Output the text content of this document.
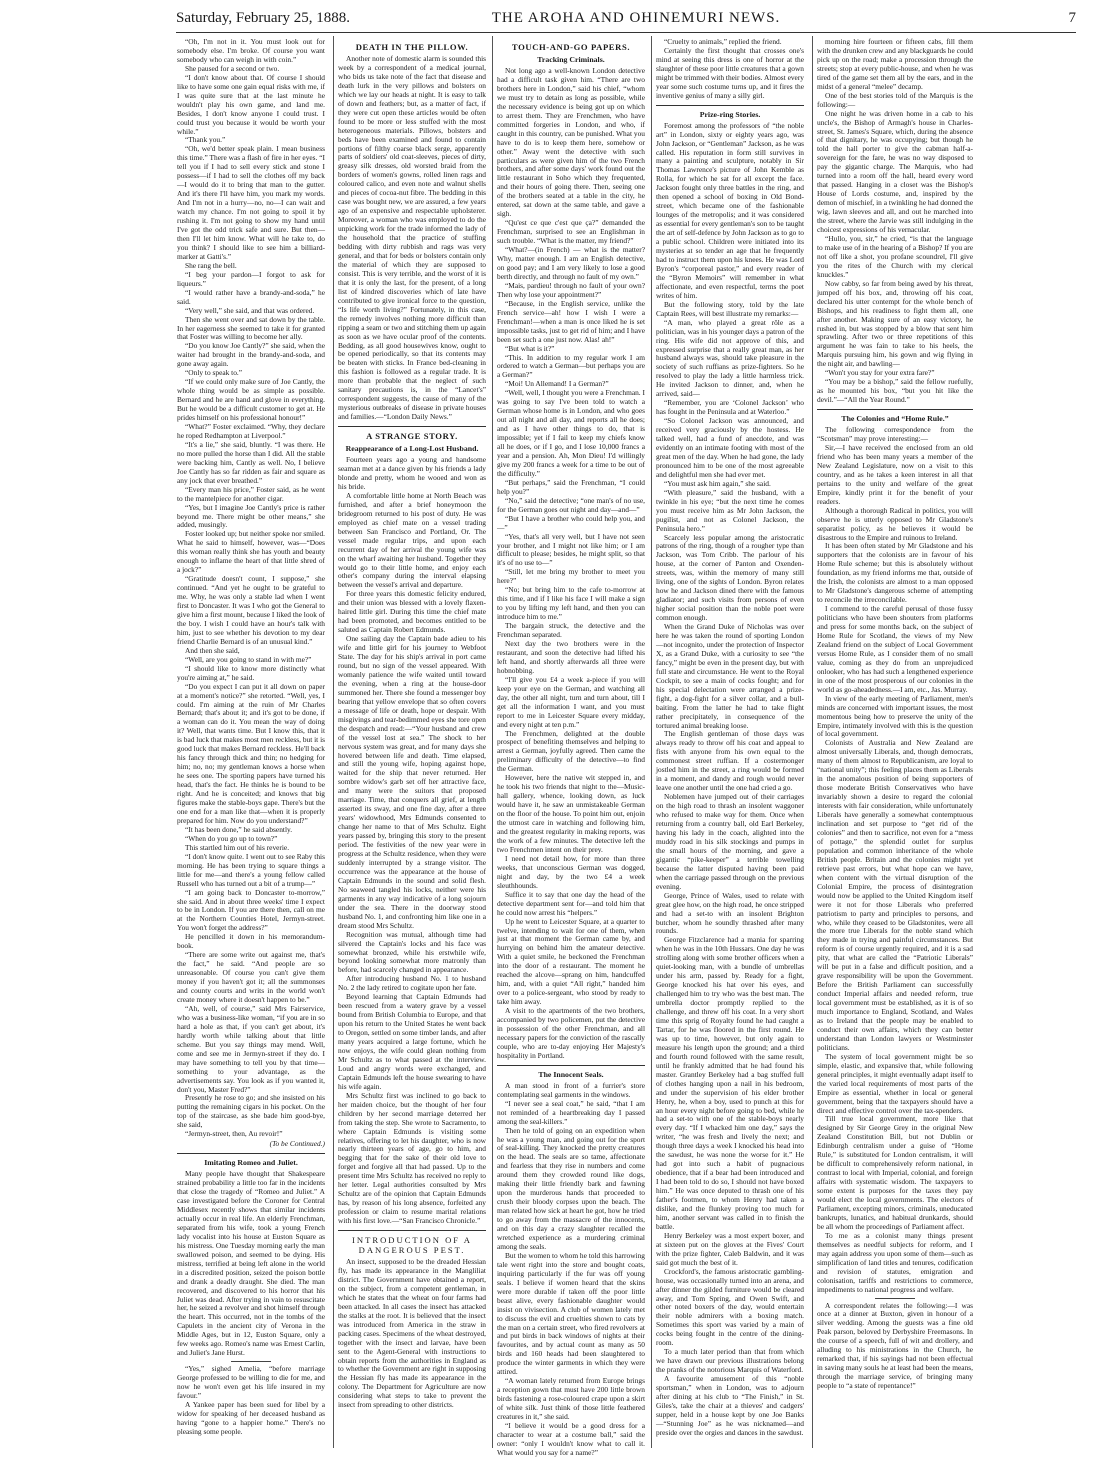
Saturday, February 25, 1888.	THE AROHA AND OHINEMURI NEWS.	7

“Oh, I'm not in it. You must look out for somebody else. I'm broke. Of course you want somebody who can weigh in with coin.”

She paused for a second or two.

“I don't know about that. Of course I should like to have some one gain equal risks with me, if I was quite sure that at the last minute he wouldn't play his own game, and land me. Besides, I don't know anyone I could trust. I could trust you because it would be worth your while.”

“Thank you.”

“Oh, we'd better speak plain. I mean business this time.” There was a flash of fire in her eyes. “I tell you if I had to sell every stick and stone I possess—if I had to sell the clothes off my back—I would do it to bring that man to the gutter. And it's there I'll have him, you mark my words. And I'm not in a hurry—no, no—I can wait and watch my chance. I'm not going to spoil it by rushing it. I'm not going to show my hand until I've got the odd trick safe and sure. But then—then I'll let him know. What will he take to, do you think? I should like to see him a billiard-marker at Gatti's.”

She rang the bell.

“I beg your pardon—I forgot to ask for liqueurs.”

“I would rather have a brandy-and-soda,” he said.

“Very well,” she said, and that was ordered.

Then she went over and sat down by the table. In her eagerness she seemed to take it for granted that Foster was willing to become her ally.

“Do you know Joe Cantly?” she said, when the waiter had brought in the brandy-and-soda, and gone away again.

“Only to speak to.”

“If we could only make sure of Joe Cantly, the whole thing would be as simple as possible. Bernard and he are hand and glove in everything. But he would be a difficult customer to get at. He prides himself on his professional honour!”

“What?” Foster exclaimed. “Why, they declare he roped Redhampton at Liverpool.”

“It's a lie,” she said, bluntly. “I was there. He no more pulled the horse than I did. All the stable were backing him, Cantly as well. No, I believe Joe Cantly has so far ridden as fair and square as any jock that ever breathed.”

“Every man his price,” Foster said, as he went to the mantelpiece for another cigar.

“Yes, but I imagine Joe Cantly's price is rather beyond me. There might be other means,” she added, musingly.

Foster looked up; but neither spoke nor smiled. What he said to himself, however, was—“Does this woman really think she has youth and beauty enough to inflame the heart of that little shred of a jock?”

“Gratitude doesn't count, I suppose,” she continued. “And yet he ought to be grateful to me. Why, he was only a stable lad when I went first to Doncaster. It was I who got the General to give him a first mount, because I liked the look of the boy. I wish I could have an hour's talk with him, just to see whether his devotion to my dear friend Charlie Bernard is of an unusual kind.”

And then she said,

“Well, are you going to stand in with me?”

“I should like to know more distinctly what you're aiming at,” he said.

“Do you expect I can put it all down on paper at a moment's notice?” she retorted. “Well, yes, I could. I'm aiming at the ruin of Mr Charles Bernard; that's about it; and it's got to be done, if a woman can do it. You mean the way of doing it? Well, that wants time. But I know this, that it is bad luck that makes most men reckless, but it is good luck that makes Bernard reckless. He'll back his fancy through thick and thin; no hedging for him; no, no; my gentleman knows a horse when he sees one. The sporting papers have turned his head, that's the fact. He thinks he is bound to be right. And he is conceited; and knows that big figures make the stable-boys gape. There's but the one end for a man like that—when it is properly prepared for him. Now do you understand?”

“It has been done,” he said absently.

“When do you go up to town?”

This startled him out of his reverie.

“I don't know quite. I went out to see Raby this morning. He has been trying to square things a little for me—and there's a young fellow called Russell who has turned out a bit of a trump—”

“I am going back to Doncaster to-morrow,” she said. And in about three weeks' time I expect to be in London. If you are there then, call on me at the Northern Counties Hotel, Jermyn-street. You won't forget the address?”

He pencilled it down in his memorandum-book.

“There are some write out against me, that's the fact,” he said. “And people are so unreasonable. Of course you can't give them money if you haven't got it; all the summonses and county courts and writs in the world won't create money where it doesn't happen to be.”

“Ah, well, of course,” said Mrs Fairservice, who was a business-like woman, “if you are in so hard a hole as that, if you can't get about, it's hardly worth while talking about that little scheme. But you say things may mend. Well, come and see me in Jermyn-street if they do. I may have something to tell you by that time—something to your advantage, as the advertisements say. You look as if you wanted it, don't you, Master Fred?”

Presently he rose to go; and she insisted on his putting the remaining cigars in his pocket. On the top of the staircase, as she bade him good-bye, she said,

“Jermyn-street, then, Au revoir!”

(To be Continued.)

Imitating Romeo and Juliet.

Many people have thought that Shakespeare strained probability a little too far in the incidents that close the tragedy of “Romeo and Juliet.” A case investigated before the Coroner for Central Middlesex recently shows that similar incidents actually occur in real life. An elderly Frenchman, separated from his wife, took a young French lady vocalist into his house at Euston Square as his mistress. One Tuesday morning early the man swallowed poison, and seemed to be dying. His mistress, terrified at being left alone in the world in a discredited position, seized the poison bottle and drank a deadly draught. She died. The man recovered, and discovered to his horror that his Juliet was dead. After trying in vain to resuscitate her, he seized a revolver and shot himself through the heart. This occurred, not in the tombs of the Capulets in the ancient city of Verona in the Middle Ages, but in 12, Euston Square, only a few weeks ago. Romeo's name was Ernest Carlin, and Juliet's Jane Hurst.

“Yes,” sighed Amelia, “before marriage George professed to be willing to die for me, and now he won't even get his life insured in my favour.”

A Yankee paper has been sued for libel by a widow for speaking of her deceased husband as having “gone to a happier home.” There's no pleasing some people.

DEATH IN THE PILLOW.

Another note of domestic alarm is sounded this week by a correspondent of a medical journal, who bids us take note of the fact that disease and death lurk in the very pillows and bolsters on which we lay our heads at night. It is easy to talk of down and feathers; but, as a matter of fact, if they were cut open these articles would be often found to be more or less stuffed with the most heterogeneous materials. Pillows, bolsters and beds have been examined and found to contain portions of filthy coarse black serge, apparently parts of soldiers' old coat-sleeves, pieces of dirty, greasy silk dresses, old worsted braid from the borders of women's gowns, rolled linen rags and coloured calico, and even note and walnut shells and pieces of cocoa-nut fibre. The bedding in this case was bought new, we are assured, a few years ago of an expensive and respectable upholsterer. Moreover, a woman who was employed to do the unpicking work for the trade informed the lady of the household that the practice of stuffing bedding with dirty rubbish and rags was very general, and that for beds or bolsters contain only the material of which they are supposed to consist. This is very terrible, and the worst of it is that it is only the last, for the present, of a long list of kindred discoveries which of late have contributed to give ironical force to the question, “Is life worth living?” Fortunately, in this case, the remedy involves nothing more difficult than ripping a seam or two and stitching them up again as soon as we have ocular proof of the contents. Bedding, as all good housewives know, ought to be opened periodically, so that its contents may be beaten with sticks. In France bed-cleaning in this fashion is followed as a regular trade. It is more than probable that the neglect of such sanitary precautions is, in the “Lancet's” correspondent suggests, the cause of many of the mysterious outbreaks of disease in private houses and families.—“London Daily News.”

A STRANGE STORY.
Reappearance of a Long-Lost Husband.

Fourteen years ago a young and handsome seaman met at a dance given by his friends a lady blonde and pretty, whom he wooed and won as his bride.

A comfortable little home at North Beach was furnished, and after a brief honeymoon the bridegroom returned to his post of duty. He was employed as chief mate on a vessel trading between San Francisco and Portland, Or. The vessel made regular trips, and upon each recurrent day of her arrival the young wife was on the wharf awaiting her husband. Together they would go to their little home, and enjoy each other's company during the interval elapsing between the vessel's arrival and departure.

For three years this domestic felicity endured, and their union was blessed with a lovely flaxen-haired little girl. During this time the chief mate had been promoted, and becomes entitled to be saluted as Captain Robert Edmunds.

One sailing day the Captain bade adieu to his wife and little girl for his journey to Webfoot State. The day for his ship's arrival in port came round, but no sign of the vessel appeared. With womanly patience the wife waited until toward the evening, when a ring at the house-door summoned her. There she found a messenger boy bearing that yellow envelope that so often covers a message of life or death, hope or despair. With misgivings and tear-bedimmed eyes she tore open the despatch and read:—“Your husband and crew of the vessel lost at sea.” The shock to her nervous system was great, and for many days she hovered between life and death. Time elapsed, and still the young wife, hoping against hope, waited for the ship that never returned. Her sombre widow's garb set off her attractive face, and many were the suitors that proposed marriage. Time, that conquers all grief, at length asserted its sway, and one fine day, after a three years' widowhood, Mrs Edmunds consented to change her name to that of Mrs Schultz. Eight years passed by, bringing this story to the present period. The festivities of the new year were in progress at the Schultz residence, when they were suddenly interrupted by a strange visitor. The occurrence was the appearance at the house of Captain Edmunds in the sound and solid flesh. No seaweed tangled his locks, neither were his garments in any way indicative of a long sojourn under the sea. There in the doorway stood husband No. 1, and confronting him like one in a dream stood Mrs Schultz.

Recognition was mutual, although time had silvered the Captain's locks and his face was somewhat bronzed, while his erstwhile wife, beyond looking somewhat more matronly than before, had scarcely changed in appearance.

After introducing husband No. 1 to husband No. 2 the lady retired to cogitate upon her fate.

Beyond learning that Captain Edmunds had been rescued from a watery grave by a vessel bound from British Columbia to Europe, and that upon his return to the United States he went back to Oregon, settled on some timber lands, and after many years acquired a large fortune, which he now enjoys, the wife could glean nothing from Mr Schultz as to what passed at the interview. Loud and angry words were exchanged, and Captain Edmunds left the house swearing to have his wife again.

Mrs Schultz first was inclined to go back to her maiden choice, but the thought of her four children by her second marriage deterred her from taking the step. She wrote to Sacramento, to where Captain Edmunds is visiting some relatives, offering to let his daughter, who is now nearly thirteen years of age, go to him, and begging that for the sake of their old love to forget and forgive all that had passed. Up to the present time Mrs Schultz has received no reply to her letter. Legal authorities consulted by Mrs Schultz are of the opinion that Captain Edmunds has, by reason of his long absence, forfeited any profession or claim to resume marital relations with his first love.—“San Francisco Chronicle.”

INTRODUCTION OF A DANGEROUS PEST.

An insect, supposed to be the dreaded Hessian fly, has made its appearance in the Mangliliat district. The Government have obtained a report, on the subject, from a competent gentleman, in which he states that the wheat on four farms had been attacked. In all cases the insect has attacked the stalks at the root. It is believed that the insect was introduced from America in the straw in packing cases. Specimens of the wheat destroyed, together with the insect and larvae, have been sent to the Agent-General with instructions to obtain reports from the authorities in England as to whether the Government are right in supposing the Hessian fly has made its appearance in the colony. The Department for Agriculture are now considering what steps to take to prevent the insect from spreading to other districts.

TOUCH-AND-GO PAPERS.
Tracking Criminals.

Not long ago a well-known London detective had a difficult task given him. “There are two brothers here in London,” said his chief, “whom we must try to detain as long as possible, while the necessary evidence is being got up on which to arrest them. They are Frenchmen, who have committed forgeries in London, and who, if caught in this country, can be punished. What you have to do is to keep them here, somehow or other.” Away went the detective with such particulars as were given him of the two French brothers, and after some days' work found out the little restaurant in Soho which they frequented, and their hours of going there. Then, seeing one of the brothers seated at a table in the city, he entered, sat down at the same table, and gave a sigh.

“Qu'est ce que c'est que ça?” demanded the Frenchman, surprised to see an Englishman in such trouble. “What is the matter, my friend?”

“What?—(in French) — what is the matter? Why, matter enough. I am an English detective, on good pay; and I am very likely to lose a good berth directly, and through no fault of my own.”

“Mais, pardieu! through no fault of your own? Then why lose your appointment?”

“Because, in the English service, unlike the French service—ah! how I wish I were a Frenchman!—when a man is once liked he is set impossible tasks, just to get rid of him; and I have been set such a one just now. Alas! ah!”

“But what is it?”

“This. In addition to my regular work I am ordered to watch a German—but perhaps you are a German?”

“Moi! Un Allemand! I a German?”

“Well, well, I thought you were a Frenchman. I was going to say I've been told to watch a German whose home is in London, and who goes out all night and all day, and reports all he does; and as I have other things to do, that is impossible; yet if I fail to keep my chiefs know all he does, or if I go, and I lose 10,000 francs a year and a pension. Ah, Mon Dieu! I'd willingly give my 200 francs a week for a time to be out of the difficulty.”

“But perhaps,” said the Frenchman, “I could help you?”

“No,” said the detective; “one man's of no use, for the German goes out night and day—and—”

“But I have a brother who could help you, and—”

“Yes, that's all very well, but I have not seen your brother, and I might not like him; or I am difficult to please; besides, he might split, so that it's of no use to—”

“Still, let me bring my brother to meet you here?”

“No; but bring him to the cafe to-morrow at this time, and if I like his face I will make a sign to you by lifting my left hand, and then you can introduce him to me.”

The bargain struck, the detective and the Frenchman separated.

Next day the two brothers were in the restaurant, and soon the detective had lifted his left hand, and shortly afterwards all three were hobnobbing.

“I'll give you £4 a week a-piece if you will keep your eye on the German, and watching all day, the other all night, turn and turn about, till I get all the information I want, and you must report to me in Leicester Square every midday, and every night at ten p.m.”

The Frenchmen, delighted at the double prospect of benefiting themselves and helping to arrest a German, joyfully agreed. Then came the preliminary difficulty of the detective—to find the German.

However, here the native wit stepped in, and he took his two friends that night to the—Music-hall gallery, whence, looking down, as luck would have it, he saw an unmistakeable German on the floor of the house. To point him out, enjoin the utmost care in watching and following him, and the greatest regularity in making reports, was the work of a few minutes. The detective left the two Frenchmen intent on their prey.

I need not detail how, for more than three weeks, that unconscious German was dogged, night and day, by the two £4 a week sleuthhounds.

Suffice it to say that one day the head of the detective department sent for—and told him that he could now arrest his “helpers.”

Up he went to Leicester Square, at a quarter to twelve, intending to wait for one of them, when just at that moment the German came by, and hurrying on behind him the amateur detective. With a quiet smile, he beckoned the Frenchman into the door of a restaurant. The moment he reached the alcove—sprang on him, handcuffed him, and, with a quiet “All right,” handed him over to a police-sergeant, who stood by ready to take him away.

A visit to the apartments of the two brothers, accompanied by two policemen, put the detective in possession of the other Frenchman, and all necessary papers for the conviction of the rascally couple, who are to-day enjoying Her Majesty's hospitality in Portland.

The Innocent Seals.

A man stood in front of a furrier's store contemplating seal garments in the windows.

“I never see a seal coat,” he said, “that I am not reminded of a heartbreaking day I passed among the seal-killers.”

Then he told of going on an expedition when he was a young man, and going out for the sport of seal-killing. They knocked the pretty creatures on the head. The seals are so tame, affectionate and fearless that they rise in numbers and come around them they crowded round like dogs, making their little friendly bark and fawning upon the murderous hands that proceeded to crush their bloody corpses upon the beach. The man related how sick at heart he got, how he tried to go away from the massacre of the innocents, and on this day a crazy slaughter recalled the wretched experience as a murdering criminal among the seals.

But the women to whom he told this harrowing tale went right into the store and bought coats, inquiring particularly if the fur was off young seals. I believe if women heard that the skins were more durable if taken off the poor little beast alive, every fashionable daughter would insist on vivisection. A club of women lately met to discuss the evil and cruelties shown to cats by the man on a certain street, who fired revolvers at and put birds in back windows of nights at their favourites, and by actual count as many as 50 birds and 160 heads had been slaughtered to produce the winter garments in which they were attired.

“A woman lately returned from Europe brings a reception gown that must have 200 little brown birds fastening a rose-coloured crape upon a skirt of white silk. Just think of those little feathered creatures in it,” she said.

“I believe it would be a good dress for a character to wear at a costume ball,” said the owner: “only I wouldn't know what to call it. What would you say for a name?”

“Cruelty to animals,” replied the friend.

Certainly the first thought that crosses one's mind at seeing this dress is one of horror at the slaughter of these poor little creatures that a gown might be trimmed with their bodies. Almost every year some such costume turns up, and it fires the inventive genius of many a silly girl.

Prize-ring Stories.

Foremost among the professors of “the noble art” in London, sixty or eighty years ago, was John Jackson, or “Gentleman” Jackson, as he was called. His reputation in form still survives in many a painting and sculpture, notably in Sir Thomas Lawrence's picture of John Kemble as Rolla, for which he sat for all except the face. Jackson fought only three battles in the ring, and then opened a school of boxing in Old Bond-street, which became one of the fashionable lounges of the metropolis; and it was considered as essential for every gentleman's son to be taught the art of self-defence by John Jackson as to go to a public school. Children were initiated into its mysteries at so tender an age that he frequently had to instruct them upon his knees. He was Lord Byron's “corporeal pastor,” and every reader of the “Byron Memoirs” will remember in what affectionate, and even respectful, terms the poet writes of him.

But the following story, told by the late Captain Rees, will best illustrate my remarks:—

“A man, who played a great rôle as a politician, was in his younger days a patron of the ring. His wife did not approve of this, and expressed surprise that a really great man, as her husband always was, should take pleasure in the society of such ruffians as prize-fighters. So he resolved to play the lady a little harmless trick. He invited Jackson to dinner, and, when he arrived, said—

“Remember, you are ‘Colonel Jackson’ who has fought in the Peninsula and at Waterloo.”

“So Colonel Jackson was announced, and received very graciously by the hostess. He talked well, had a fund of anecdote, and was evidently on an intimate footing with most of the great men of the day. When he had gone, the lady pronounced him to be one of the most agreeable and delightful men she had ever met.

“You must ask him again,” she said.

“With pleasure,” said the husband, with a twinkle in his eye; “but the next time he comes you must receive him as Mr John Jackson, the pugilist, and not as Colonel Jackson, the Peninsula hero.”

Scarcely less popular among the aristocratic patrons of the ring, though of a rougher type than Jackson, was Tom Cribb. The parlour of his house, at the corner of Panton and Oxenden-streets, was, within the memory of many still living, one of the sights of London. Byron relates how he and Jackson dined there with the famous gladiator; and such visits from persons of even higher social position than the noble poet were common enough.

When the Grand Duke of Nicholas was over here he was taken the round of sporting London—not incognito, under the protection of Inspector X, as a Grand Duke, with a curiosity to see “the fancy,” might be even in the present day, but with full state and circumstance. He went to the Royal Cockpit, to see a main of cocks fought; and for his special delectation were arranged a prize-fight, a dog-fight for a silver collar, and a bull-baiting. From the latter he had to take flight rather precipitately, in consequence of the tortured animal breaking loose.

The English gentleman of those days was always ready to throw off his coat and appeal to fists with anyone from his own equal to the commonest street ruffian. If a costermonger jostled him in the street, a ring would be formed in a moment, and dandy and rough would never leave one another until the one had cried a go.

Noblemen have jumped out of their carriages on the high road to thrash an insolent waggoner who refused to make way for them. Once when returning from a country ball, old Earl Berkeley, having his lady in the coach, alighted into the muddy road in his silk stockings and pumps in the small hours of the morning, and gave a gigantic “pike-keeper” a terrible towelling because the latter disputed having been paid when the carriage passed through on the previous evening.

George, Prince of Wales, used to relate with great glee how, on the high road, he once stripped and had a set-to with an insolent Brighton butcher, whom he soundly thrashed after many rounds.

George Fitzclarence had a mania for sparring when he was in the 10th Hussars. One day he was strolling along with some brother officers when a quiet-looking man, with a bundle of umbrellas under his arm, passed by. Ready for a fight, George knocked his hat over his eyes, and challenged him to try who was the best man. The umbrella doctor promptly replied to the challenge, and threw off his coat. In a very short time this sprig of Royalty found he had caught a Tartar, for he was floored in the first round. He was up to time, however, but only again to measure his length upon the ground; and a third and fourth round followed with the same result, until he frankly admitted that he had found his master. Grantley Berkeley had a bag stuffed full of clothes hanging upon a nail in his bedroom, and under the supervision of his elder brother Henry, he, when a boy, used to punch at this for an hour every night before going to bed, while he had a set-to with one of the stable-boys nearly every day. “If I whacked him one day,” says the writer, “he was fresh and lively the next; and though three days a week I knocked his head into the sawdust, he was none the worse for it.” He had got into such a habit of pugnacious obedience, that if a bear had been introduced and I had been told to do so, I should not have boxed him.” He was once deputed to thrash one of his father's footmen, to whom Henry had taken a dislike, and the flunkey proving too much for him, another servant was called in to finish the battle.

Henry Berkeley was a most expert boxer, and at sixteen put on the gloves at the Fives' Court with the prize fighter, Caleb Baldwin, and it was said got much the best of it.

Crockford's, the famous aristocratic gambling-house, was occasionally turned into an arena, and after dinner the gilded furniture would be cleared away, and Tom Spring, and Owen Swift, and other noted boxers of the day, would entertain their noble admirers with a boxing match. Sometimes this sport was varied by a main of cocks being fought in the centre of the dining-room.

To a much later period than that from which we have drawn our previous illustrations belong the pranks of the notorious Marquis of Waterford.

A favourite amusement of this “noble sportsman,” when in London, was to adjourn after dining at his club to “The Finish,” in St. Giles's, take the chair at a thieves' and cadgers' supper, held in a house kept by one Joe Banks—“Stunning Joe” as he was nicknamed—and preside over the orgies and dances in the sawdust.

morning hire fourteen or fifteen cabs, fill them with the drunken crew and any blackguards he could pick up on the road; make a procession through the streets; stop at every public-house, and when he was tired of the game set them all by the ears, and in the midst of a general “melee” decamp.

One of the best stories told of the Marquis is the following:—

One night he was driven home in a cab to his uncle's, the Bishop of Armagh's house in Charles-street, St. James's Square, which, during the absence of that dignitary, he was occupying; but though he told the hall porter to give the cabman half-a-sovereign for the fare, he was no way disposed to pay the gigantic charge. The Marquis, who had turned into a room off the hall, heard every word that passed. Hanging in a closet was the Bishop's House of Lords costume, and, inspired by the demon of mischief, in a twinkling he had donned the wig, lawn sleeves and all, and out he marched into the street, where the Jarvie was still indulging in the choicest expressions of his vernacular.

“Hullo, you, sir,” he cried, “is that the language to make use of in the hearing of a Bishop? If you are not off like a shot, you profane scoundrel, I'll give you the rites of the Church with my clerical knuckles.”

Now cabby, so far from being awed by his threat, jumped off his box, and, throwing off his coat, declared his utter contempt for the whole bench of Bishops, and his readiness to fight them all, one after another. Making sure of an easy victory, he rushed in, but was stopped by a blow that sent him sprawling. After two or three repetitions of this argument he was fain to take to his heels, the Marquis pursuing him, his gown and wig flying in the night air, and bawling—

“Won't you stay for your extra fare?”

“You may be a bishop,” said the fellow ruefully, as he mounted his box, “but you hit like the devil.”—“All the Year Round.”

The Colonies and “Home Rule.”

The following correspondence from the “Scotsman” may prove interesting:—

Sir,—I have received the enclosed from an old friend who has been many years a member of the New Zealand Legislature, now on a visit to this country, and as he takes a keen interest in all that pertains to the unity and welfare of the great Empire, kindly print it for the benefit of your readers.

Although a thorough Radical in politics, you will observe he is utterly opposed to Mr Gladstone's separatist policy, as he believes it would be disastrous to the Empire and ruinous to Ireland.

It has been often stated by Mr Gladstone and his supporters that the colonists are in favour of his Home Rule scheme; but this is absolutely without foundation, as my friend informs me that, outside of the Irish, the colonists are almost to a man opposed to Mr Gladstone's dangerous scheme of attempting to reconcile the irreconcilable.

I commend to the careful perusal of those fussy politicians who have been shouters from platforms and press for some months back, on the subject of Home Rule for Scotland, the views of my New Zealand friend on the subject of Local Government versus Home Rule, as I consider them of no small value, coming as they do from an unprejudiced onlooker, who has had such a lengthened experience in one of the most prosperous of our colonies in the world as go-aheadedness.—I am, etc., Jas. Murray.

In view of the early meeting of Parliament, men's minds are concerned with important issues, the most momentous being how to preserve the unity of the Empire, intimately involved with this is the question of local government.

Colonists of Australia and New Zealand are almost universally Liberals, and, though democrats, many of them almost to Republicanism, are loyal to “national unity”; this feeling places them as Liberals in the anomalous position of being supporters of those moderate British Conservatives who have invariably shown a desire to regard the colonial interests with fair consideration, while unfortunately Liberals have generally a somewhat contemptuous inclination and set purpose to “get rid of the colonies” and then to sacrifice, not even for a “mess of pottage,” the splendid outlet for surplus population and common inheritance of the whole British people. Britain and the colonies might yet retrieve past errors, but what hope can we have, when content with the virtual disruption of the Colonial Empire, the process of disintegration would now be applied to the United Kingdom itself were it not for those Liberals who preferred patriotism to party and principles to persons, and who, while they ceased to be Gladstonites, were all the more true Liberals for the noble stand which they made in trying and painful circumstances. But reform is of course urgently required, and it is a sad pity, that what are called the “Patriotic Liberals” will be put in a false and difficult position, and a grave responsibility will be upon the Government. Before the British Parliament can successfully conduct Imperial affairs and needed reform, true local government must be established, as it is of so much importance to England, Scotland, and Wales as to Ireland that the people may be enabled to conduct their own affairs, which they can better understand than London lawyers or Westminster politicians.

The system of local government might be so simple, elastic, and expansive that, while following general principles, it might eventually adapt itself to the varied local requirements of most parts of the Empire as essential, whether in local or general government, being that the taxpayers should have a direct and effective control over the tax-spenders.

Till true local government, more like that designed by Sir George Grey in the original New Zealand Constitution Bill, but not Dublin or Edinburgh centralism under a guise of “Home Rule,” is substituted for London centralism, it will be difficult to comprehensively reform national, in contrast to local with Imperial, colonial, and foreign affairs with systematic wisdom. The taxpayers to some extent is purposes for the taxes they pay would elect the local governments. The electors of Parliament, excepting minors, criminals, uneducated bankrupts, lunatics, and habitual drunkards, should be all whom the proceedings of Parliament affect.

To me as a colonist many things present themselves as needful subjects for reform, and I may again address you upon some of them—such as simplification of land titles and tenures, codification and revision of statutes, emigration and colonisation, tariffs and restrictions to commerce, impediments to national progress and welfare.

A correspondent relates the following:—I was once at a dinner at Buxton, given in honour of a silver wedding. Among the guests was a fine old Peak parson, beloved by Derbyshire Freemasons. In the course of a speech, full of wit and drollery, and alluding to his ministrations in the Church, he remarked that, if his sayings had not been effectual in saving many souls he at least had been the means, through the marriage service, of bringing many people to “a state of repentance!”
